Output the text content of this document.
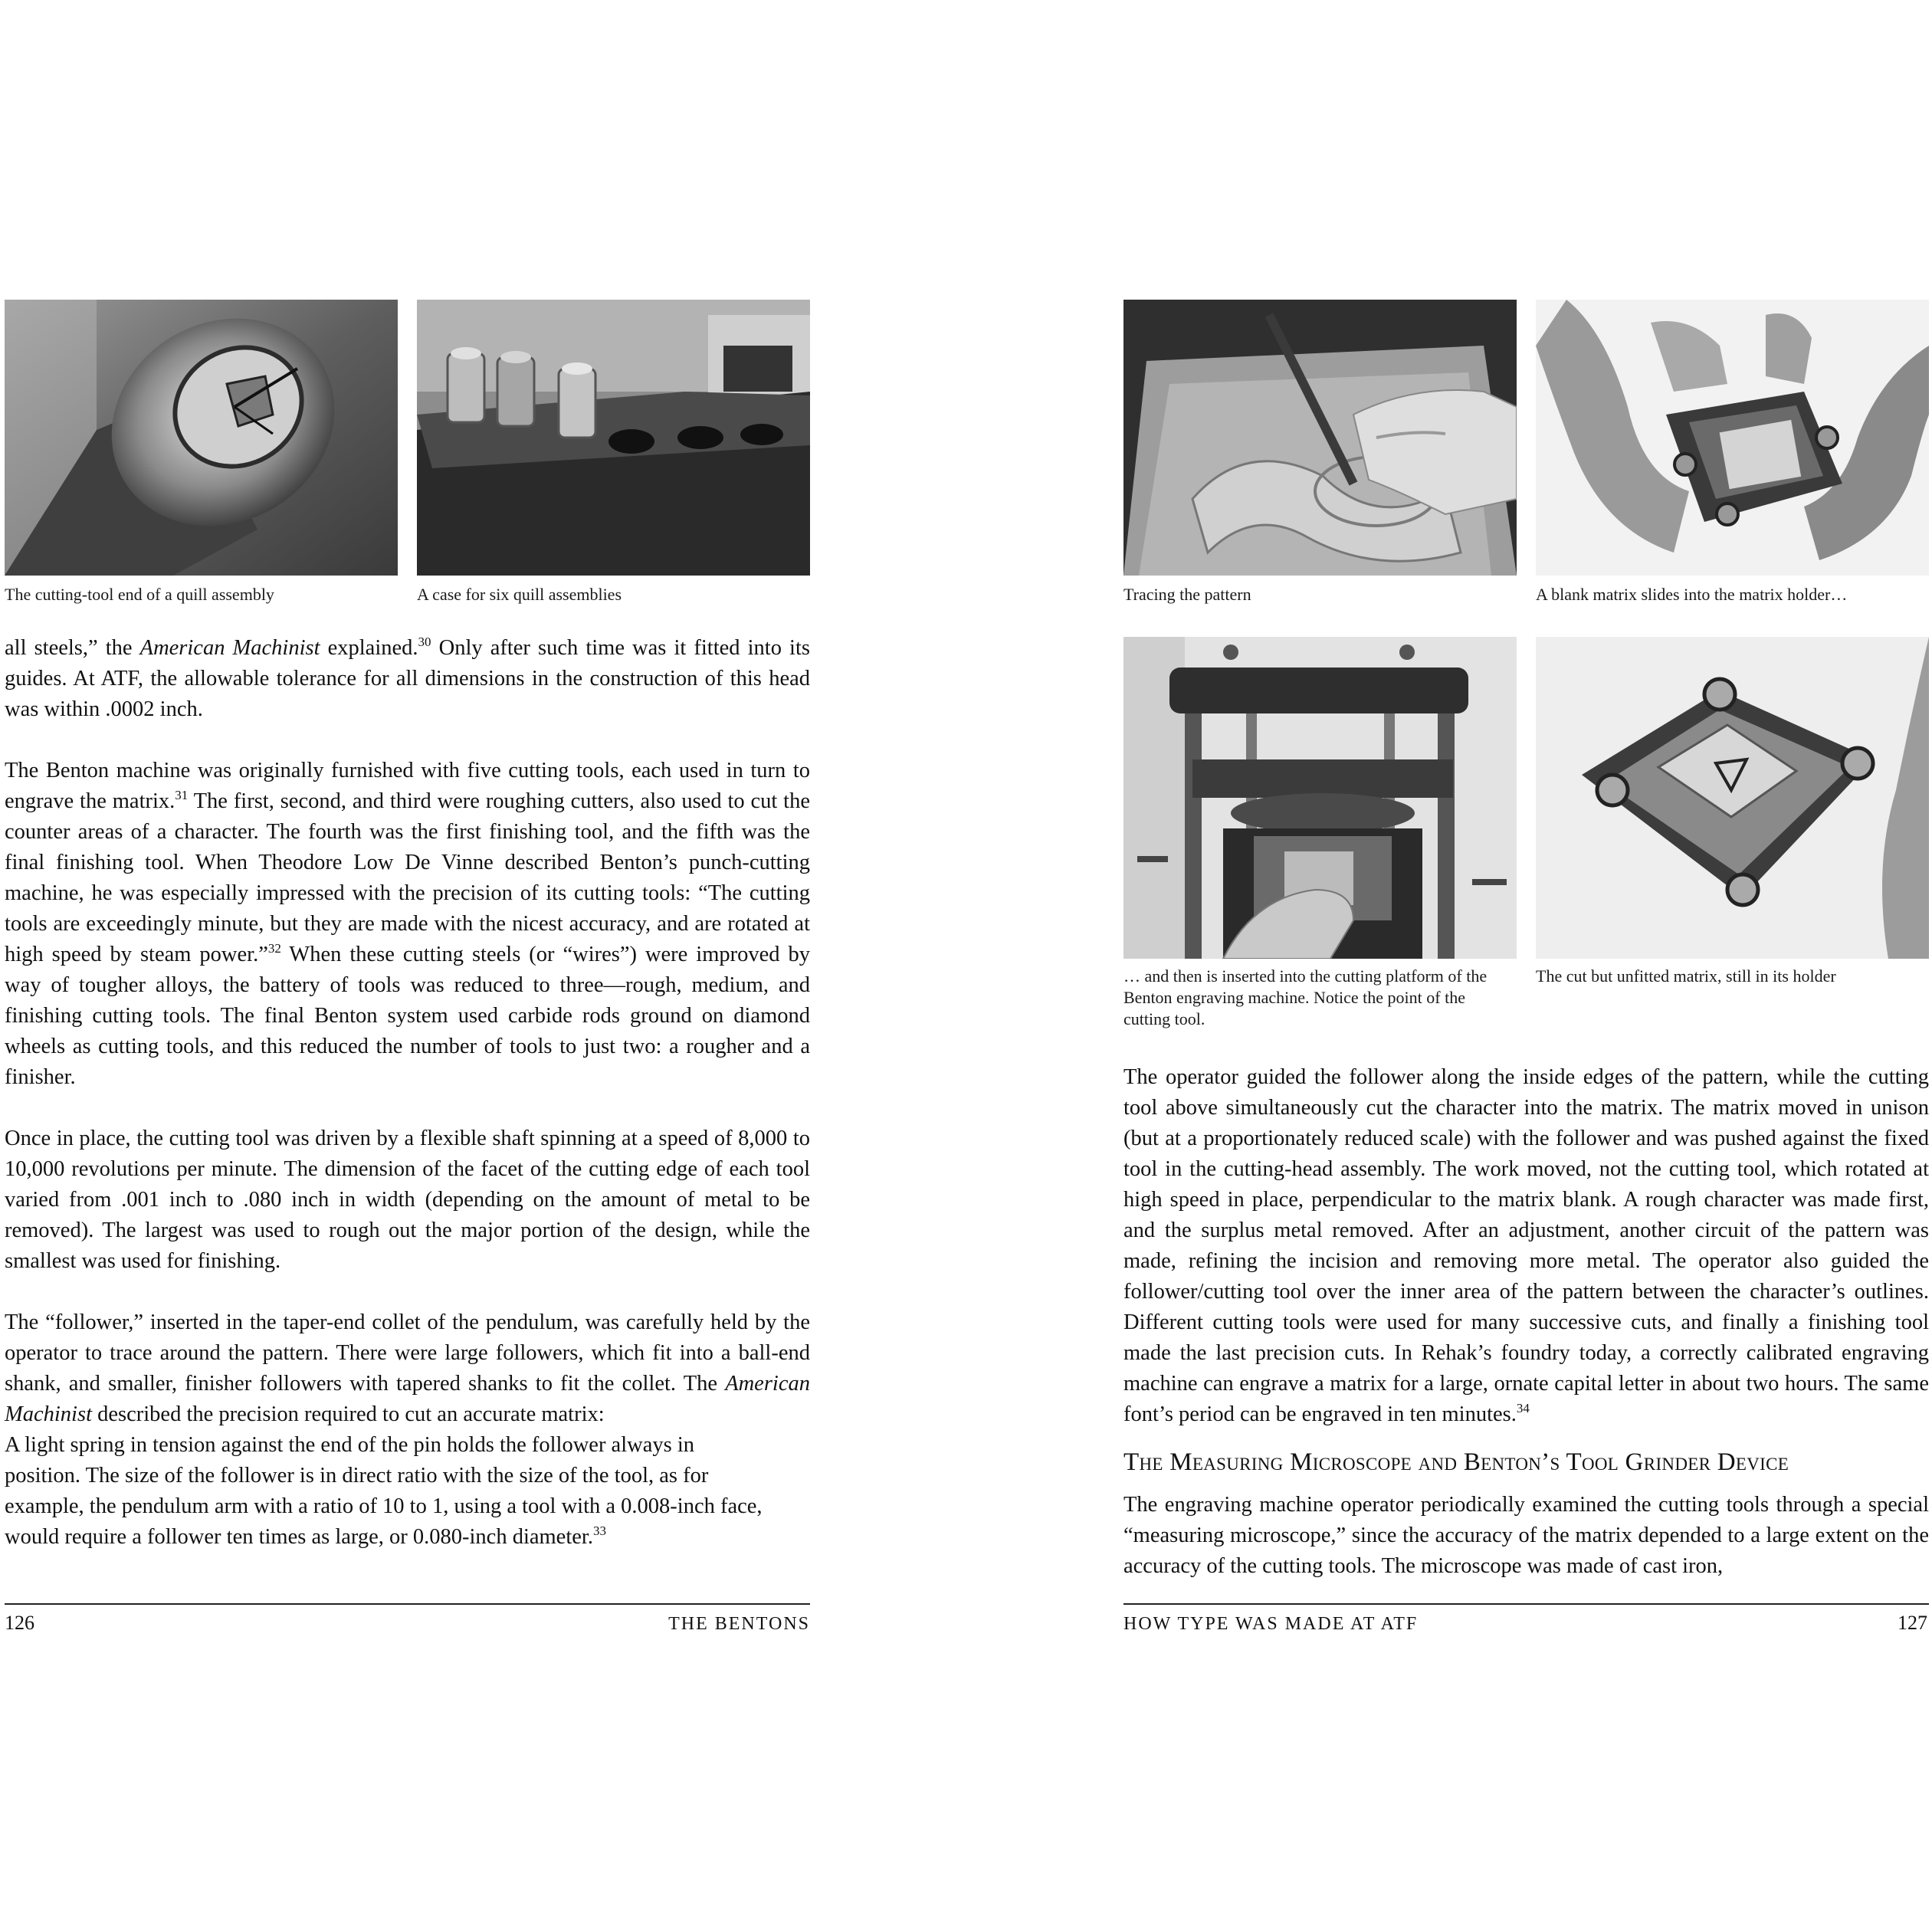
The cutting-tool end of a quill assembly	A case for six quill assemblies

all steels,” the American Machinist explained.$^{30}$ Only after such time was it fitted into its guides. At ATF, the allowable tolerance for all dimensions in the construction of this head was within .0002 inch.

The Benton machine was originally furnished with five cutting tools, each used in turn to engrave the matrix.$^{31}$ The first, second, and third were roughing cutters, also used to cut the counter areas of a character. The fourth was the first finishing tool, and the fifth was the final finishing tool. When Theodore Low De Vinne described Benton’s punch-cutting machine, he was especially impressed with the precision of its cutting tools: “The cutting tools are exceedingly minute, but they are made with the nicest accuracy, and are rotated at high speed by steam power.”$^{32}$ When these cutting steels (or “wires”) were improved by way of tougher alloys, the battery of tools was reduced to three—rough, medium, and finishing cutting tools. The final Benton system used carbide rods ground on diamond wheels as cutting tools, and this reduced the number of tools to just two: a rougher and a finisher.

Once in place, the cutting tool was driven by a flexible shaft spinning at a speed of 8,000 to 10,000 revolutions per minute. The dimension of the facet of the cutting edge of each tool varied from .001 inch to .080 inch in width (depending on the amount of metal to be removed). The largest was used to rough out the major portion of the design, while the smallest was used for finishing.

The “follower,” inserted in the taper-end collet of the pendulum, was carefully held by the operator to trace around the pattern. There were large followers, which fit into a ball-end shank, and smaller, finisher followers with tapered shanks to fit the collet. The American Machinist described the precision required to cut an accurate matrix:

A light spring in tension against the end of the pin holds the follower always in position. The size of the follower is in direct ratio with the size of the tool, as for example, the pendulum arm with a ratio of 10 to 1, using a tool with a 0.008-inch face, would require a follower ten times as large, or 0.080-inch diameter.$^{33}$

126	THE BENTONS
Tracing the pattern	A blank matrix slides into the matrix holder…
… and then is inserted into the cutting platform of the Benton engraving machine. Notice the point of the cutting tool.
The cut but unfitted matrix, still in its holder

The operator guided the follower along the inside edges of the pattern, while the cutting tool above simultaneously cut the character into the matrix. The matrix moved in unison (but at a proportionately reduced scale) with the follower and was pushed against the fixed tool in the cutting-head assembly. The work moved, not the cutting tool, which rotated at high speed in place, perpendicular to the matrix blank. A rough character was made first, and the surplus metal removed. After an adjustment, another circuit of the pattern was made, refining the incision and removing more metal. The operator also guided the follower/cutting tool over the inner area of the pattern between the character’s outlines. Different cutting tools were used for many successive cuts, and finally a finishing tool made the last precision cuts. In Rehak’s foundry today, a correctly calibrated engraving machine can engrave a matrix for a large, ornate capital letter in about two hours. The same font’s period can be engraved in ten minutes.$^{34}$

The Measuring Microscope and Benton’s Tool Grinder Device

The engraving machine operator periodically examined the cutting tools through a special “measuring microscope,” since the accuracy of the matrix depended to a large extent on the accuracy of the cutting tools. The microscope was made of cast iron,

HOW TYPE WAS MADE AT ATF	127
